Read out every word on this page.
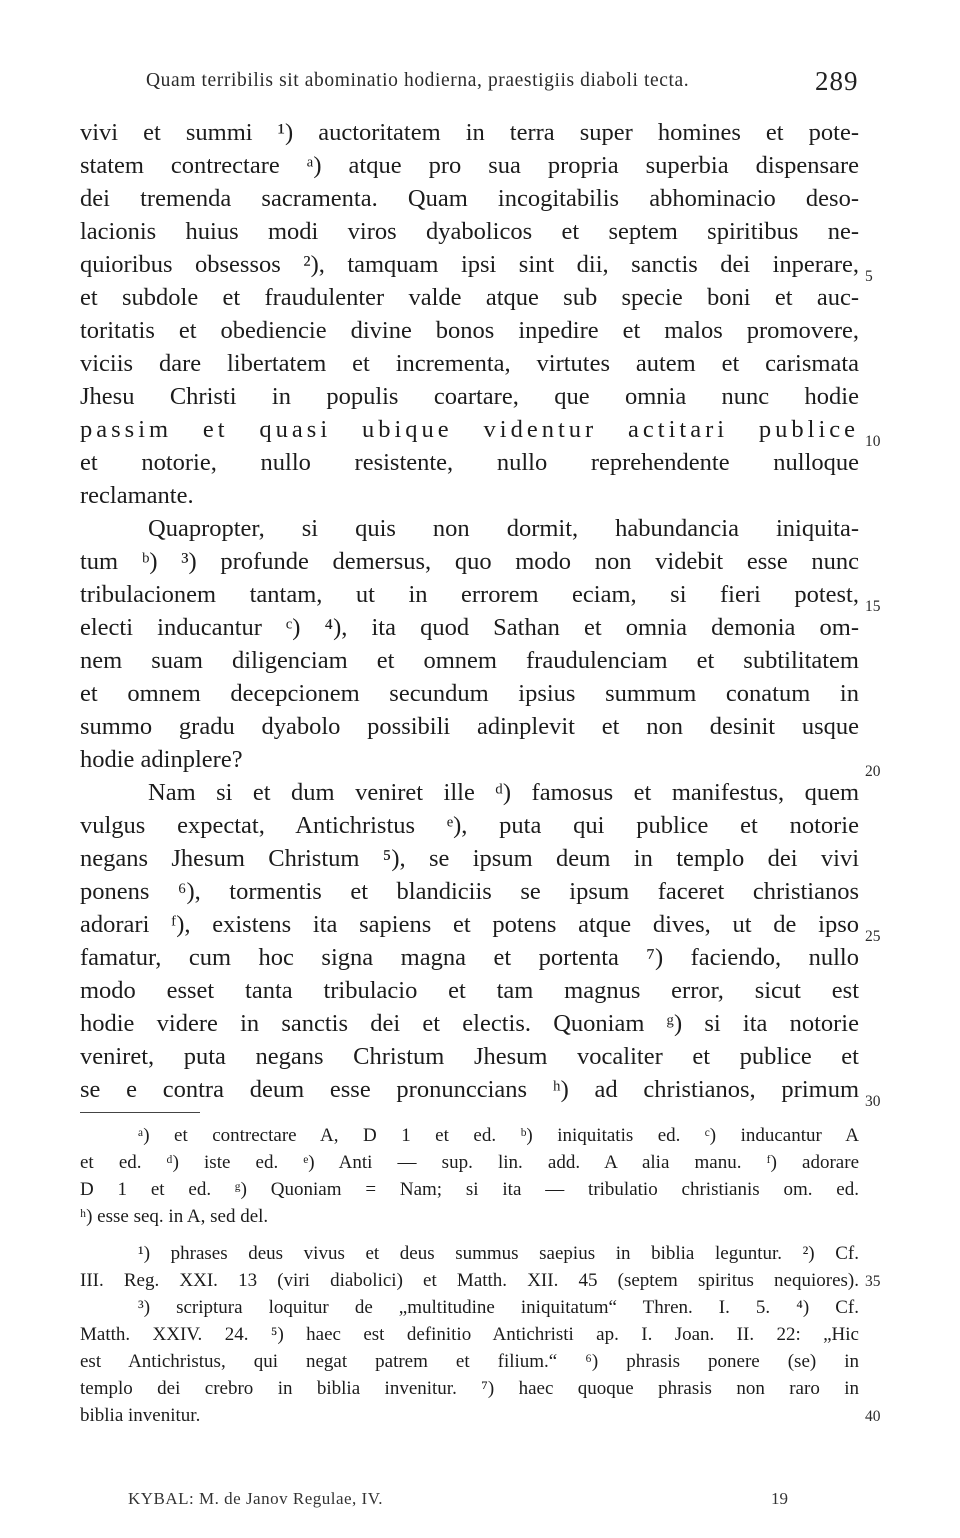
Quam terribilis sit abominatio hodierna, praestigiis diaboli tecta.	289
vivi et summi ¹) auctoritatem in terra super homines et pote-
statem contrectare ᵃ) atque pro sua propria superbia dispensare
dei tremenda sacramenta. Quam incogitabilis abhominacio deso-
lacionis huius modi viros dyabolicos et septem spiritibus ne-
quioribus obsessos ²), tamquam ipsi sint dii, sanctis dei inperare,
et subdole et fraudulenter valde atque sub specie boni et auc-
toritatis et obediencie divine bonos inpedire et malos promovere,
viciis dare libertatem et incrementa, virtutes autem et carismata
Jhesu Christi in populis coartare, que omnia nunc hodie
passim et quasi ubique videntur actitari publice
et notorie, nullo resistente, nullo reprehendente nulloque
reclamante.
Quapropter, si quis non dormit, habundancia iniquita-
tum ᵇ) ³) profunde demersus, quo modo non videbit esse nunc
tribulacionem tantam, ut in errorem eciam, si fieri potest,
electi inducantur ᶜ) ⁴), ita quod Sathan et omnia demonia om-
nem suam diligenciam et omnem fraudulenciam et subtilitatem
et omnem decepcionem secundum ipsius summum conatum in
summo gradu dyabolo possibili adinplevit et non desinit usque
hodie adinplere?
Nam si et dum veniret ille ᵈ) famosus et manifestus, quem
vulgus expectat, Antichristus ᵉ), puta qui publice et notorie
negans Jhesum Christum ⁵), se ipsum deum in templo dei vivi
ponens ⁶), tormentis et blandiciis se ipsum faceret christianos
adorari ᶠ), existens ita sapiens et potens atque dives, ut de ipso
famatur, cum hoc signa magna et portenta ⁷) faciendo, nullo
modo esset tanta tribulacio et tam magnus error, sicut est
hodie videre in sanctis dei et electis. Quoniam ᵍ) si ita notorie
veniret, puta negans Christum Jhesum vocaliter et publice et
se e contra deum esse pronunccians ʰ) ad christianos, primum
5
10
15
20
25
30
35
40
ᵃ) et contrectare A, D 1 et ed. ᵇ) iniquitatis ed. ᶜ) inducantur A
et ed. ᵈ) iste ed. ᵉ) Anti — sup. lin. add. A alia manu. ᶠ) adorare
D 1 et ed. ᵍ) Quoniam = Nam; si ita — tribulatio christianis om. ed.
ʰ) esse seq. in A, sed del.
¹) phrases deus vivus et deus summus saepius in biblia leguntur. ²) Cf.
III. Reg. XXI. 13 (viri diabolici) et Matth. XII. 45 (septem spiritus nequiores).
³) scriptura loquitur de „multitudine iniquitatum“ Thren. I. 5. ⁴) Cf.
Matth. XXIV. 24. ⁵) haec est definitio Antichristi ap. I. Joan. II. 22: „Hic
est Antichristus, qui negat patrem et filium.“ ⁶) phrasis ponere (se) in
templo dei crebro in biblia invenitur. ⁷) haec quoque phrasis non raro in
biblia invenitur.
KYBAL: M. de Janov Regulae, IV.	19
